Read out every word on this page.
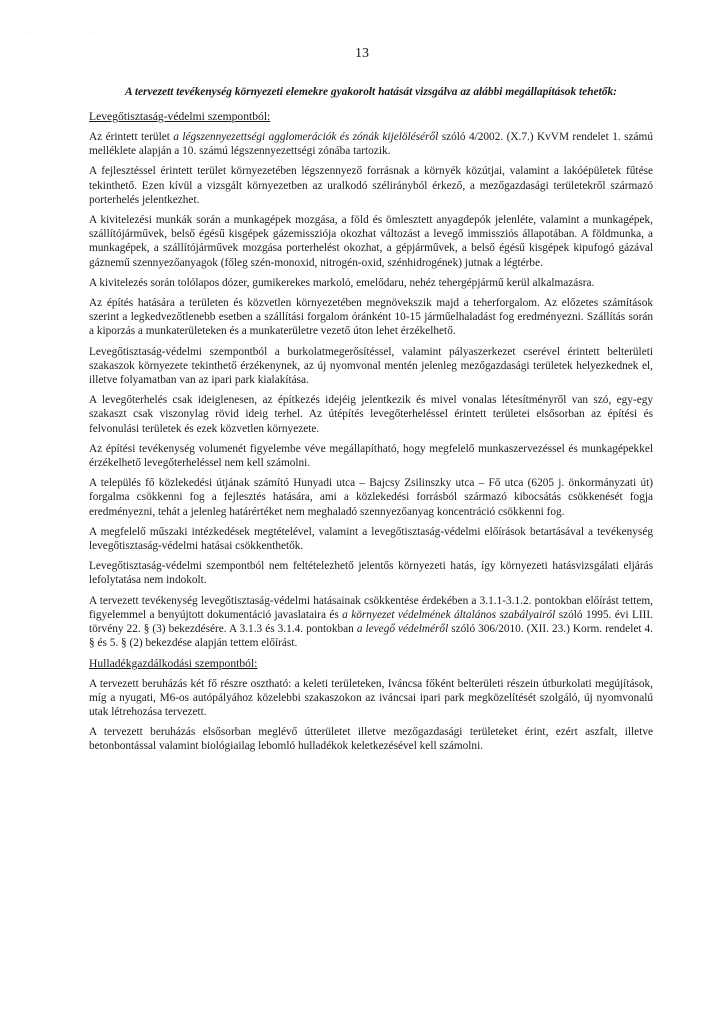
· ·
13
A tervezett tevékenység környezeti elemekre gyakorolt hatását vizsgálva az alábbi megállapítások tehetők:
Levegőtisztaság-védelmi szempontból:

Az érintett terület a légszennyezettségi agglomerációk és zónák kijelöléséről szóló 4/2002. (X.7.) KvVM rendelet 1. számú melléklete alapján a 10. számú légszennyezettségi zónába tartozik.

A fejlesztéssel érintett terület környezetében légszennyező forrásnak a környék közútjai, valamint a lakóépületek fűtése tekinthető. Ezen kívül a vizsgált környezetben az uralkodó szélirányból érkező, a mezőgazdasági területekről származó porterhelés jelentkezhet.

A kivitelezési munkák során a munkagépek mozgása, a föld és ömlesztett anyagdepók jelenléte, valamint a munkagépek, szállítójárművek, belső égésű kisgépek gázemissziója okozhat változást a levegő immissziós állapotában. A földmunka, a munkagépek, a szállítójárművek mozgása porterhelést okozhat, a gépjárművek, a belső égésű kisgépek kipufogó gázával gáznemű szennyezőanyagok (főleg szén-monoxid, nitrogén-oxid, szénhidrogének) jutnak a légtérbe.

A kivitelezés során tolólapos dózer, gumikerekes markoló, emelődaru, nehéz tehergépjármű kerül alkalmazásra.

Az építés hatására a területen és közvetlen környezetében megnövekszik majd a teherforgalom. Az előzetes számítások szerint a legkedvezőtlenebb esetben a szállítási forgalom óránként 10-15 járműelhaladást fog eredményezni. Szállítás során a kiporzás a munkaterületeken és a munkaterületre vezető úton lehet érzékelhető.

Levegőtisztaság-védelmi szempontból a burkolatmegerősítéssel, valamint pályaszerkezet cserével érintett belterületi szakaszok környezete tekinthető érzékenynek, az új nyomvonal mentén jelenleg mezőgazdasági területek helyezkednek el, illetve folyamatban van az ipari park kialakítása.

A levegőterhelés csak ideiglenesen, az építkezés idejéig jelentkezik és mivel vonalas létesítményről van szó, egy-egy szakaszt csak viszonylag rövid ideig terhel. Az útépítés levegőterheléssel érintett területei elsősorban az építési és felvonulási területek és ezek közvetlen környezete.

Az építési tevékenység volumenét figyelembe véve megállapítható, hogy megfelelő munkaszervezéssel és munkagépekkel érzékelhető levegőterheléssel nem kell számolni.

A település fő közlekedési útjának számító Hunyadi utca – Bajcsy Zsilinszky utca – Fő utca (6205 j. önkormányzati út) forgalma csökkenni fog a fejlesztés hatására, ami a közlekedési forrásból származó kibocsátás csökkenését fogja eredményezni, tehát a jelenleg határértéket nem meghaladó szennyezőanyag koncentráció csökkenni fog.

A megfelelő műszaki intézkedések megtételével, valamint a levegőtisztaság-védelmi előírások betartásával a tevékenység levegőtisztaság-védelmi hatásai csökkenthetők.

Levegőtisztaság-védelmi szempontból nem feltételezhető jelentős környezeti hatás, így környezeti hatásvizsgálati eljárás lefolytatása nem indokolt.

A tervezett tevékenység levegőtisztaság-védelmi hatásainak csökkentése érdekében a 3.1.1-3.1.2. pontokban előírást tettem, figyelemmel a benyújtott dokumentáció javaslataira és a környezet védelmének általános szabályairól szóló 1995. évi LIII. törvény 22. § (3) bekezdésére. A 3.1.3 és 3.1.4. pontokban a levegő védelméről szóló 306/2010. (XII. 23.) Korm. rendelet 4. § és 5. § (2) bekezdése alapján tettem előírást.

Hulladékgazdálkodási szempontból:

A tervezett beruházás két fő részre osztható: a keleti területeken, Iváncsa főként belterületi részein útburkolati megújítások, míg a nyugati, M6-os autópályához közelebbi szakaszokon az iváncsai ipari park megközelítését szolgáló, új nyomvonalú utak létrehozása tervezett.

A tervezett beruházás elsősorban meglévő útterületet illetve mezőgazdasági területeket érint, ezért aszfalt, illetve betonbontással valamint biológiailag lebomló hulladékok keletkezésével kell számolni.
